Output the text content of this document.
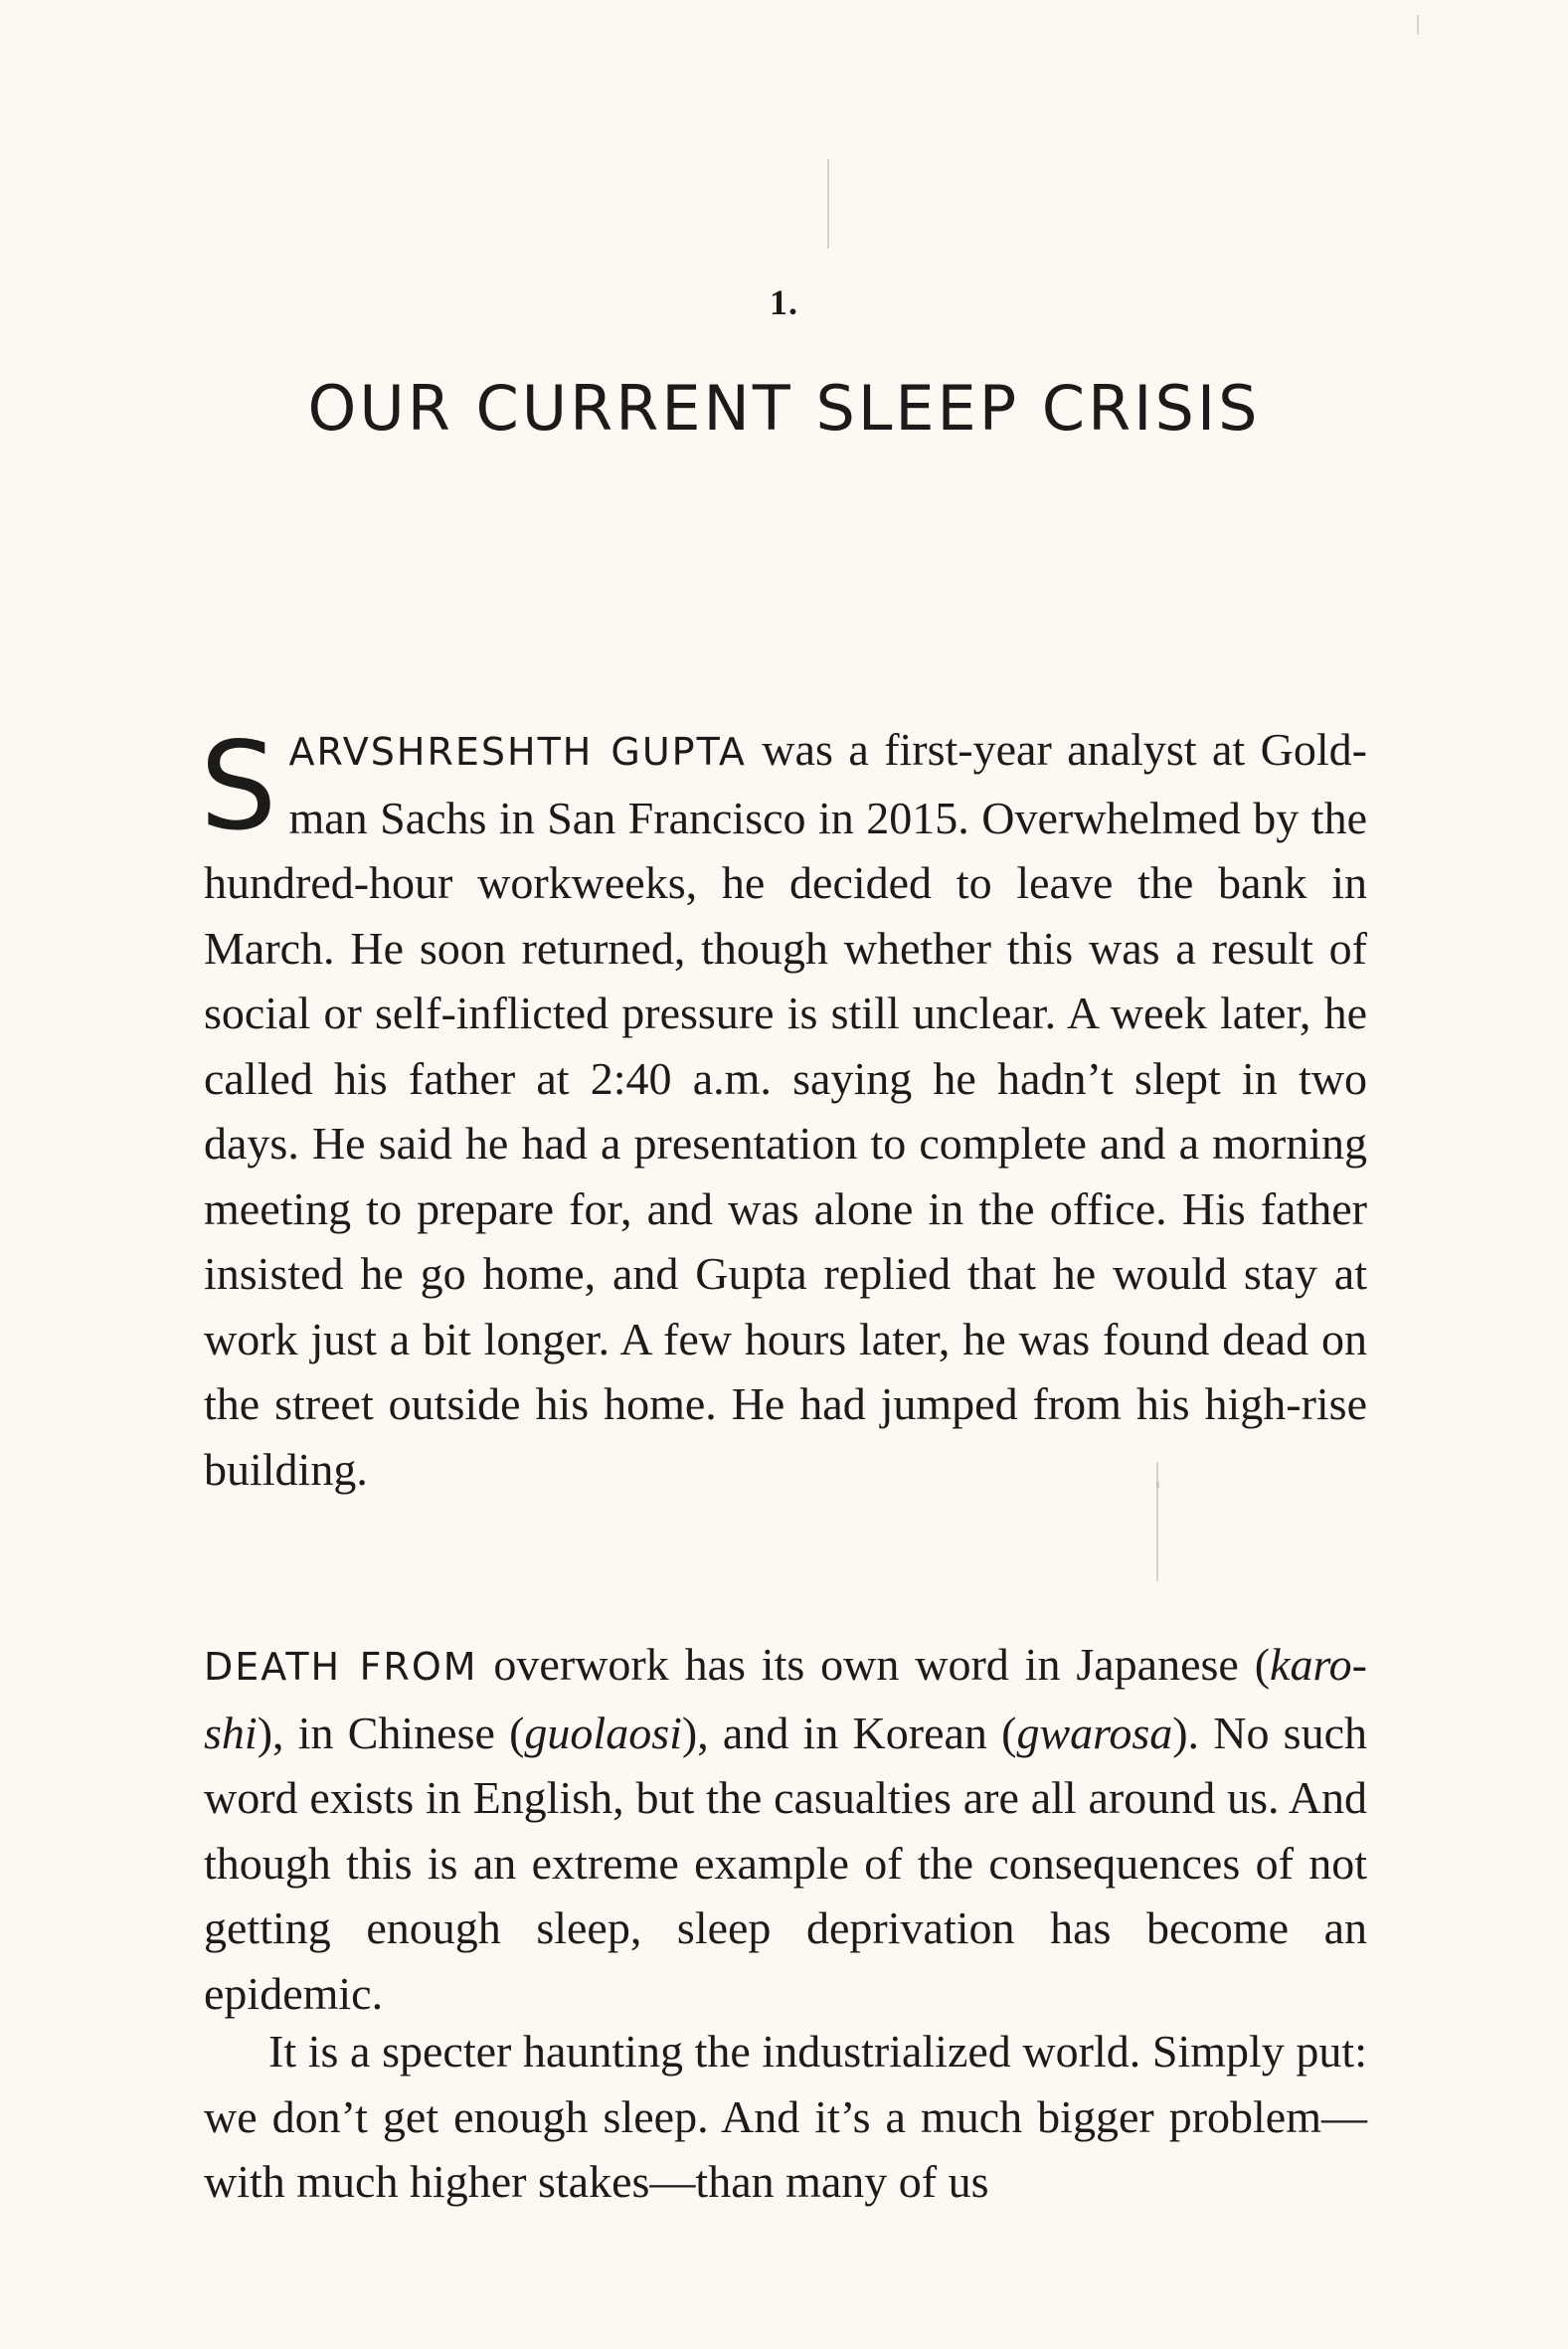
1.
OUR CURRENT SLEEP CRISIS

SARVSHRESHTH GUPTA was a first-year analyst at Goldman Sachs in San Francisco in 2015. Overwhelmed by the hundred-hour workweeks, he decided to leave the bank in March. He soon returned, though whether this was a result of social or self-inflicted pressure is still unclear. A week later, he called his father at 2:40 a.m. saying he hadn’t slept in two days. He said he had a presentation to complete and a morning meeting to prepare for, and was alone in the office. His father insisted he go home, and Gupta replied that he would stay at work just a bit longer. A few hours later, he was found dead on the street outside his home. He had jumped from his high-rise building.

DEATH FROM overwork has its own word in Japanese (karoshi), in Chinese (guolaosi), and in Korean (gwarosa). No such word exists in English, but the casualties are all around us. And though this is an extreme example of the consequences of not getting enough sleep, sleep deprivation has become an epidemic.

It is a specter haunting the industrialized world. Simply put: we don’t get enough sleep. And it’s a much bigger problem—with much higher stakes—than many of us
